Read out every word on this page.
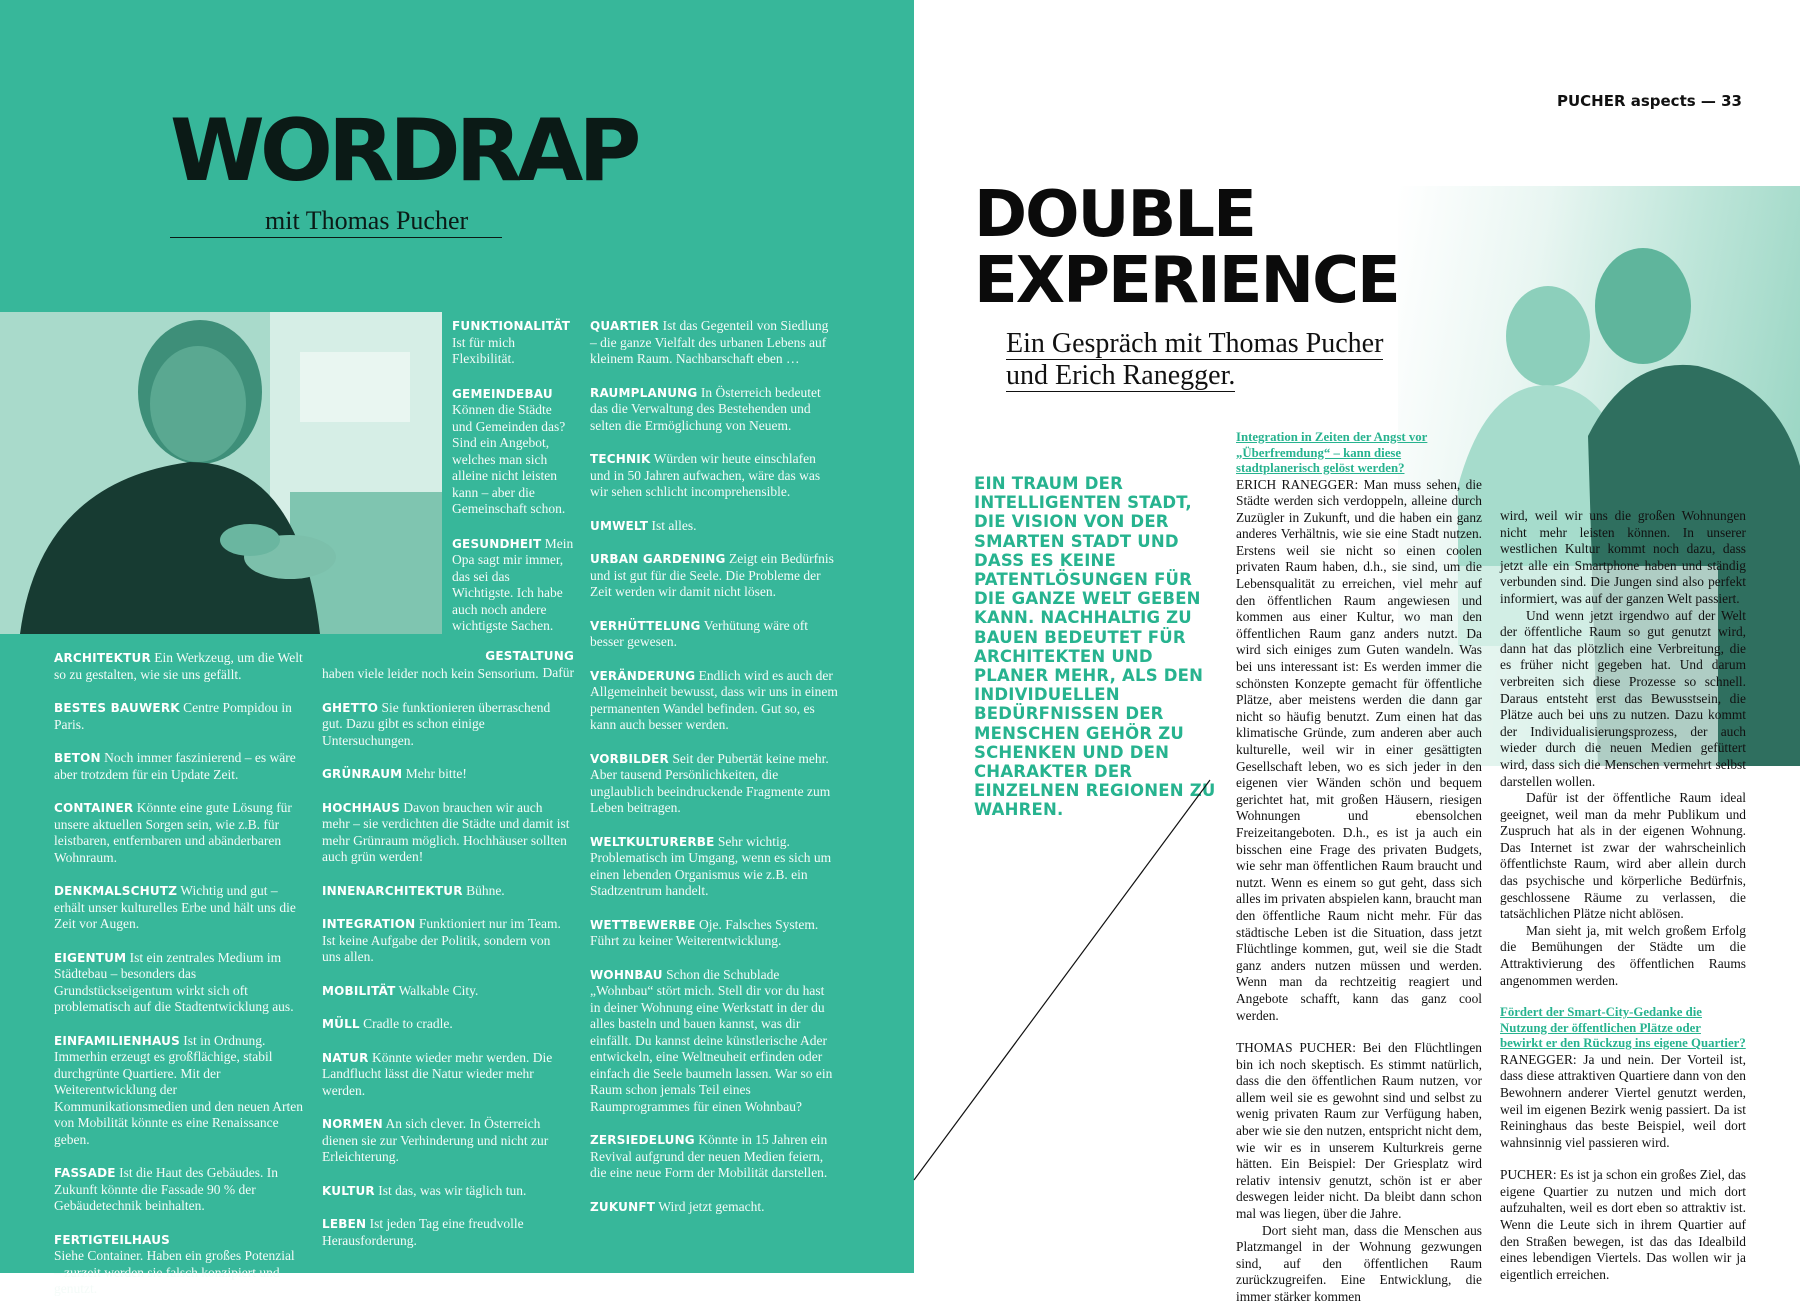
WORDRAP
mit Thomas Pucher

FUNKTIONALITÄT Ist für mich Flexibilität.

GEMEINDEBAU Können die Städte und Gemeinden das? Sind ein Angebot, welches man sich alleine nicht leisten kann – aber die Gemeinschaft schon.

GESUNDHEIT Mein Opa sagt mir immer, das sei das Wichtigste. Ich habe auch noch andere wichtigste Sachen.

GESTALTUNG Dafür

ARCHITEKTUR Ein Werkzeug, um die Welt so zu gestalten, wie sie uns gefällt.

BESTES BAUWERK Centre Pompidou in Paris.

BETON Noch immer faszinierend – es wäre aber trotzdem für ein Update Zeit.

CONTAINER Könnte eine gute Lösung für unsere aktuellen Sorgen sein, wie z.B. für leistbaren, entfernbaren und abänderbaren Wohnraum.

DENKMALSCHUTZ Wichtig und gut – erhält unser kulturelles Erbe und hält uns die Zeit vor Augen.

EIGENTUM Ist ein zentrales Medium im Städtebau – besonders das Grundstückseigentum wirkt sich oft problematisch auf die Stadtentwicklung aus.

EINFAMILIENHAUS Ist in Ordnung. Immerhin erzeugt es großflächige, stabil durchgrünte Quartiere. Mit der Weiterentwicklung der Kommunikationsmedien und den neuen Arten von Mobilität könnte es eine Renaissance geben.

FASSADE Ist die Haut des Gebäudes. In Zukunft könnte die Fassade 90 % der Gebäudetechnik beinhalten.

FERTIGTEILHAUS
Siehe Container. Haben ein großes Potenzial – zurzeit werden sie falsch konzipiert und genutzt.

haben viele leider noch kein Sensorium.

GHETTO Sie funktionieren überraschend gut. Dazu gibt es schon einige Untersuchungen.

GRÜNRAUM Mehr bitte!

HOCHHAUS Davon brauchen wir auch mehr – sie verdichten die Städte und damit ist mehr Grünraum möglich. Hochhäuser sollten auch grün werden!

INNENARCHITEKTUR Bühne.

INTEGRATION Funktioniert nur im Team. Ist keine Aufgabe der Politik, sondern von uns allen.

MOBILITÄT Walkable City.

MÜLL Cradle to cradle.

NATUR Könnte wieder mehr werden. Die Landflucht lässt die Natur wieder mehr werden.

NORMEN An sich clever. In Österreich dienen sie zur Verhinderung und nicht zur Erleichterung.

KULTUR Ist das, was wir täglich tun.

LEBEN Ist jeden Tag eine freudvolle Herausforderung.

QUARTIER Ist das Gegenteil von Siedlung – die ganze Vielfalt des urbanen Lebens auf kleinem Raum. Nachbarschaft eben …

RAUMPLANUNG In Österreich bedeutet das die Verwaltung des Bestehenden und selten die Ermöglichung von Neuem.

TECHNIK Würden wir heute einschlafen und in 50 Jahren aufwachen, wäre das was wir sehen schlicht incomprehensible.

UMWELT Ist alles.

URBAN GARDENING Zeigt ein Bedürfnis und ist gut für die Seele. Die Probleme der Zeit werden wir damit nicht lösen.

VERHÜTTELUNG Verhütung wäre oft besser gewesen.

VERÄNDERUNG Endlich wird es auch der Allgemeinheit bewusst, dass wir uns in einem permanenten Wandel befinden. Gut so, es kann auch besser werden.

VORBILDER Seit der Pubertät keine mehr. Aber tausend Persönlichkeiten, die unglaublich beeindruckende Fragmente zum Leben beitragen.

WELTKULTURERBE Sehr wichtig. Problematisch im Umgang, wenn es sich um einen lebenden Organismus wie z.B. ein Stadtzentrum handelt.

WETTBEWERBE Oje. Falsches System. Führt zu keiner Weiterentwicklung.

WOHNBAU Schon die Schublade „Wohnbau“ stört mich. Stell dir vor du hast in deiner Wohnung eine Werkstatt in der du alles basteln und bauen kannst, was dir einfällt. Du kannst deine künstlerische Ader entwickeln, eine Weltneuheit erfinden oder einfach die Seele baumeln lassen. War so ein Raum schon jemals Teil eines Raumprogrammes für einen Wohnbau?

ZERSIEDELUNG Könnte in 15 Jahren ein Revival aufgrund der neuen Medien feiern, die eine neue Form der Mobilität darstellen.

ZUKUNFT Wird jetzt gemacht.

PUCHER aspects — 33
DOUBLE
EXPERIENCE
Ein Gespräch mit Thomas Pucher
und Erich Ranegger.
EIN TRAUM DER INTELLIGENTEN STADT, DIE VISION VON DER SMARTEN STADT UND DASS ES KEINE PATENTLÖSUNGEN FÜR DIE GANZE WELT GEBEN KANN. NACHHALTIG ZU BAUEN BEDEUTET FÜR ARCHITEKTEN UND PLANER MEHR, ALS DEN INDIVIDUELLEN BEDÜRFNISSEN DER MENSCHEN GEHÖR ZU SCHENKEN UND DEN CHARAKTER DER EINZELNEN REGIONEN ZU WAHREN.
Integration in Zeiten der Angst vor „Überfremdung“ – kann diese stadtplanerisch gelöst werden?

ERICH RANEGGER: Man muss sehen, die Städte werden sich verdoppeln, alleine durch Zuzügler in Zukunft, und die haben ein ganz anderes Verhältnis, wie sie eine Stadt nutzen. Erstens weil sie nicht so einen coolen privaten Raum haben, d.h., sie sind, um die Lebensqualität zu erreichen, viel mehr auf den öffentlichen Raum angewiesen und kommen aus einer Kultur, wo man den öffentlichen Raum ganz anders nutzt. Da wird sich einiges zum Guten wandeln. Was bei uns interessant ist: Es werden immer die schönsten Konzepte gemacht für öffentliche Plätze, aber meistens werden die dann gar nicht so häufig benutzt. Zum einen hat das klimatische Gründe, zum anderen aber auch kulturelle, weil wir in einer gesättigten Gesellschaft leben, wo es sich jeder in den eigenen vier Wänden schön und bequem gerichtet hat, mit großen Häusern, riesigen Wohnungen und ebensolchen Freizeitangeboten. D.h., es ist ja auch ein bisschen eine Frage des privaten Budgets, wie sehr man öffentlichen Raum braucht und nutzt. Wenn es einem so gut geht, dass sich alles im privaten abspielen kann, braucht man den öffentliche Raum nicht mehr. Für das städtische Leben ist die Situation, dass jetzt Flüchtlinge kommen, gut, weil sie die Stadt ganz anders nutzen müssen und werden. Wenn man da rechtzeitig reagiert und Angebote schafft, kann das ganz cool werden.

THOMAS PUCHER: Bei den Flüchtlingen bin ich noch skeptisch. Es stimmt natürlich, dass die den öffentlichen Raum nutzen, vor allem weil sie es gewohnt sind und selbst zu wenig privaten Raum zur Verfügung haben, aber wie sie den nutzen, entspricht nicht dem, wie wir es in unserem Kulturkreis gerne hätten. Ein Beispiel: Der Griesplatz wird relativ intensiv genutzt, schön ist er aber deswegen leider nicht. Da bleibt dann schon mal was liegen, über die Jahre.

Dort sieht man, dass die Menschen aus Platzmangel in der Wohnung gezwungen sind, auf den öffentlichen Raum zurückzugreifen. Eine Entwicklung, die immer stärker kommen

wird, weil wir uns die großen Wohnungen nicht mehr leisten können. In unserer westlichen Kultur kommt noch dazu, dass jetzt alle ein Smartphone haben und ständig verbunden sind. Die Jungen sind also perfekt informiert, was auf der ganzen Welt passiert.

Und wenn jetzt irgendwo auf der Welt der öffentliche Raum so gut genutzt wird, dann hat das plötzlich eine Verbreitung, die es früher nicht gegeben hat. Und darum verbreiten sich diese Prozesse so schnell. Daraus entsteht erst das Bewusstsein, die Plätze auch bei uns zu nutzen. Dazu kommt der Individualisierungsprozess, der auch wieder durch die neuen Medien gefüttert wird, dass sich die Menschen vermehrt selbst darstellen wollen.

Dafür ist der öffentliche Raum ideal geeignet, weil man da mehr Publikum und Zuspruch hat als in der eigenen Wohnung. Das Internet ist zwar der wahrscheinlich öffentlichste Raum, wird aber allein durch das psychische und körperliche Bedürfnis, geschlossene Räume zu verlassen, die tatsächlichen Plätze nicht ablösen.

Man sieht ja, mit welch großem Erfolg die Bemühungen der Städte um die Attraktivierung des öffentlichen Raums angenommen werden.

Fördert der Smart-City-Gedanke die Nutzung der öffentlichen Plätze oder bewirkt er den Rückzug ins eigene Quartier?

RANEGGER: Ja und nein. Der Vorteil ist, dass diese attraktiven Quartiere dann von den Bewohnern anderer Viertel genutzt werden, weil im eigenen Bezirk wenig passiert. Da ist Reininghaus das beste Beispiel, weil dort wahnsinnig viel passieren wird.

PUCHER: Es ist ja schon ein großes Ziel, das eigene Quartier zu nutzen und mich dort aufzuhalten, weil es dort eben so attraktiv ist. Wenn die Leute sich in ihrem Quartier auf den Straßen bewegen, ist das das Idealbild eines lebendigen Viertels. Das wollen wir ja eigentlich erreichen.
